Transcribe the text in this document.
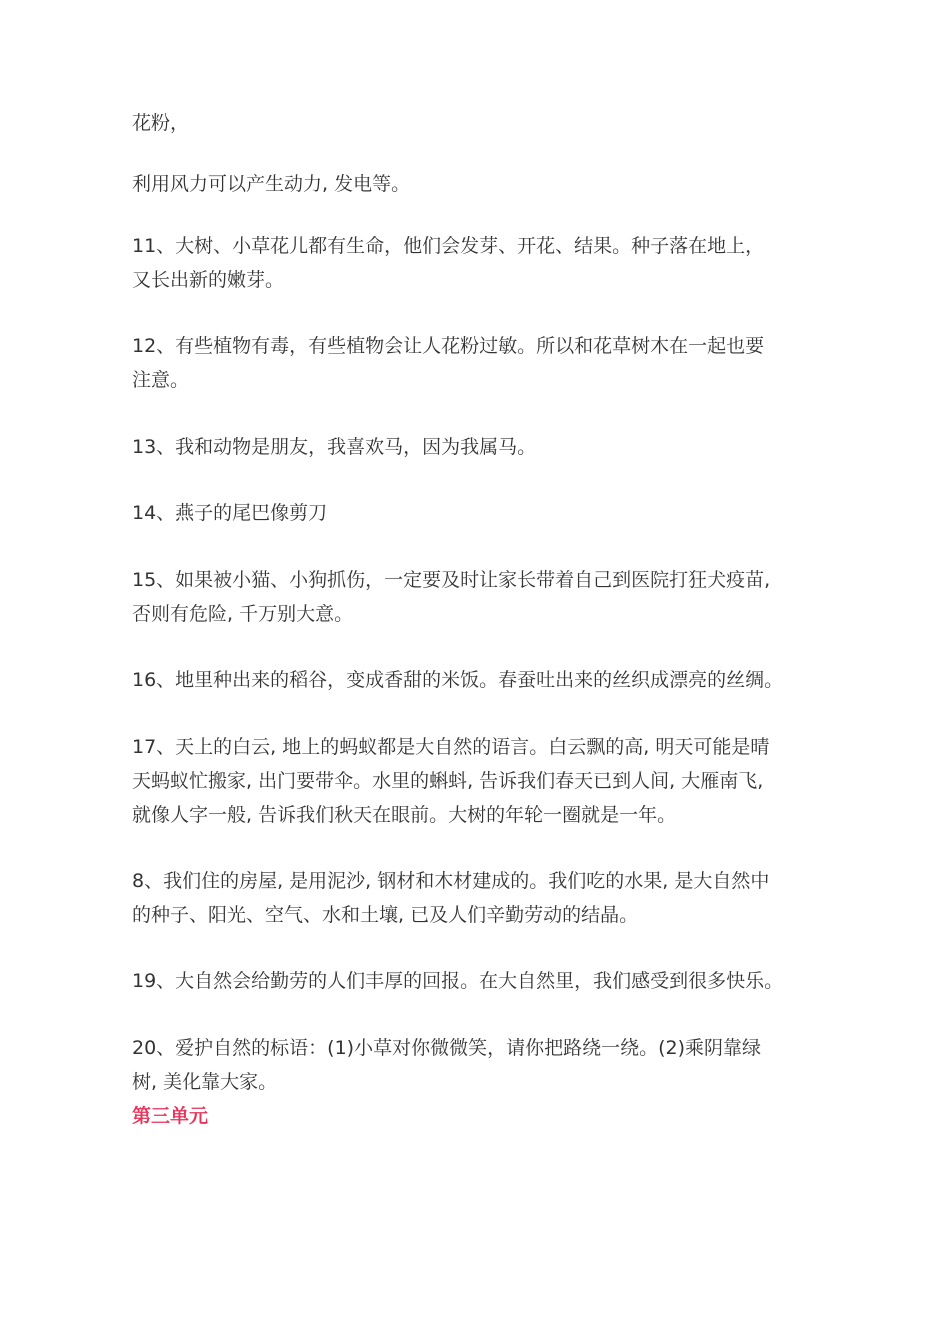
花粉，

利用风力可以产生动力, 发电等。

11、大树、小草花儿都有生命，他们会发芽、开花、结果。种子落在地上，
又长出新的嫩芽。

12、有些植物有毒，有些植物会让人花粉过敏。所以和花草树木在一起也要
注意。

13、我和动物是朋友，我喜欢马，因为我属马。

14、燕子的尾巴像剪刀

15、如果被小猫、小狗抓伤，一定要及时让家长带着自己到医院打狂犬疫苗,
否则有危险, 千万别大意。

16、地里种出来的稻谷，变成香甜的米饭。春蚕吐出来的丝织成漂亮的丝绸。

17、天上的白云, 地上的蚂蚁都是大自然的语言。白云飘的高, 明天可能是晴
天蚂蚁忙搬家, 出门要带伞。水里的蝌蚪, 告诉我们春天已到人间, 大雁南飞,
就像人字一般, 告诉我们秋天在眼前。大树的年轮一圈就是一年。

8、我们住的房屋, 是用泥沙, 钢材和木材建成的。我们吃的水果, 是大自然中
的种子、阳光、空气、水和土壤, 已及人们辛勤劳动的结晶。

19、大自然会给勤劳的人们丰厚的回报。在大自然里，我们感受到很多快乐。

20、爱护自然的标语：(1)小草对你微微笑，请你把路绕一绕。(2)乘阴靠绿
树, 美化靠大家。

第三单元
